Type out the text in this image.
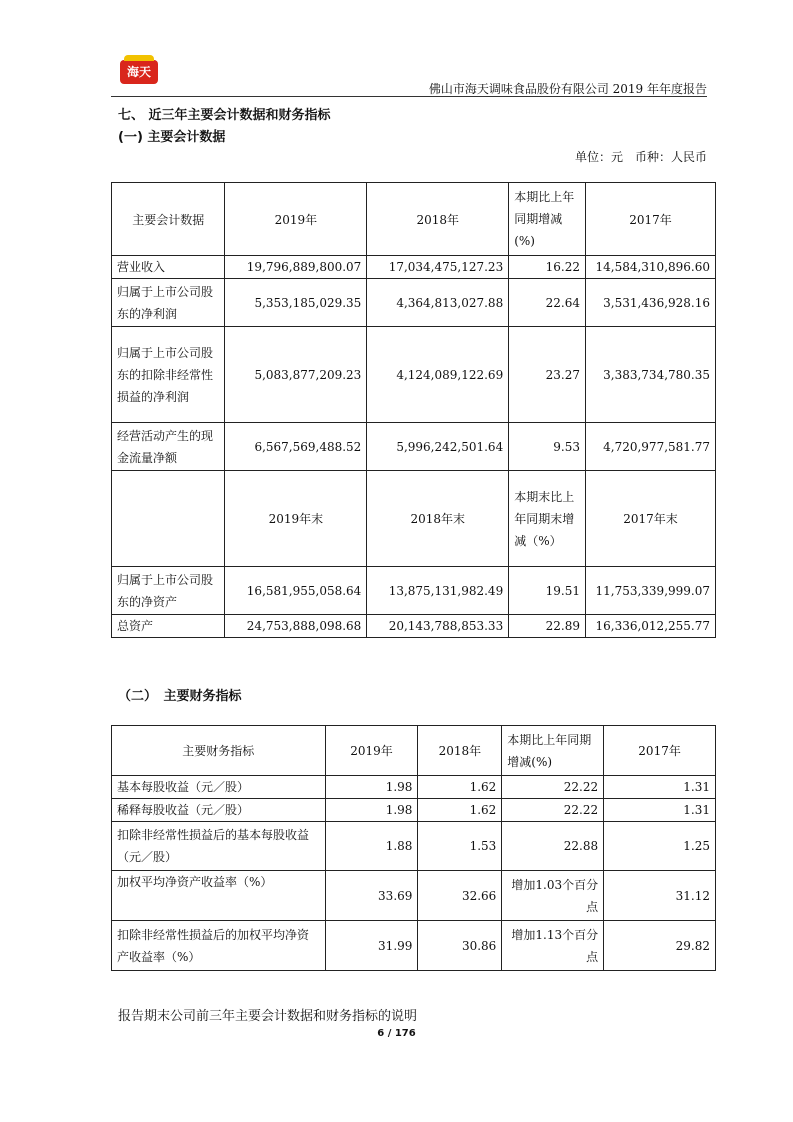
海天
佛山市海天调味食品股份有限公司 2019 年年度报告
七、 近三年主要会计数据和财务指标
(一) 主要会计数据
单位：元　币种：人民币
主要会计数据	2019年	2018年	本期比上年同期增减(%)	2017年
营业收入	19,796,889,800.07	17,034,475,127.23	16.22	14,584,310,896.60
归属于上市公司股东的净利润	5,353,185,029.35	4,364,813,027.88	22.64	3,531,436,928.16
归属于上市公司股东的扣除非经常性损益的净利润	5,083,877,209.23	4,124,089,122.69	23.27	3,383,734,780.35
经营活动产生的现金流量净额	6,567,569,488.52	5,996,242,501.64	9.53	4,720,977,581.77
	2019年末	2018年末	本期末比上年同期末增减（%）	2017年末
归属于上市公司股东的净资产	16,581,955,058.64	13,875,131,982.49	19.51	11,753,339,999.07
总资产	24,753,888,098.68	20,143,788,853.33	22.89	16,336,012,255.77
（二）　主要财务指标
主要财务指标	2019年	2018年	本期比上年同期增减(%)	2017年
基本每股收益（元／股）	1.98	1.62	22.22	1.31
稀释每股收益（元／股）	1.98	1.62	22.22	1.31
扣除非经常性损益后的基本每股收益（元／股）	1.88	1.53	22.88	1.25
加权平均净资产收益率（%）	33.69	32.66	增加1.03个百分点	31.12
扣除非经常性损益后的加权平均净资产收益率（%）	31.99	30.86	增加1.13个百分点	29.82
报告期末公司前三年主要会计数据和财务指标的说明
6 / 176
